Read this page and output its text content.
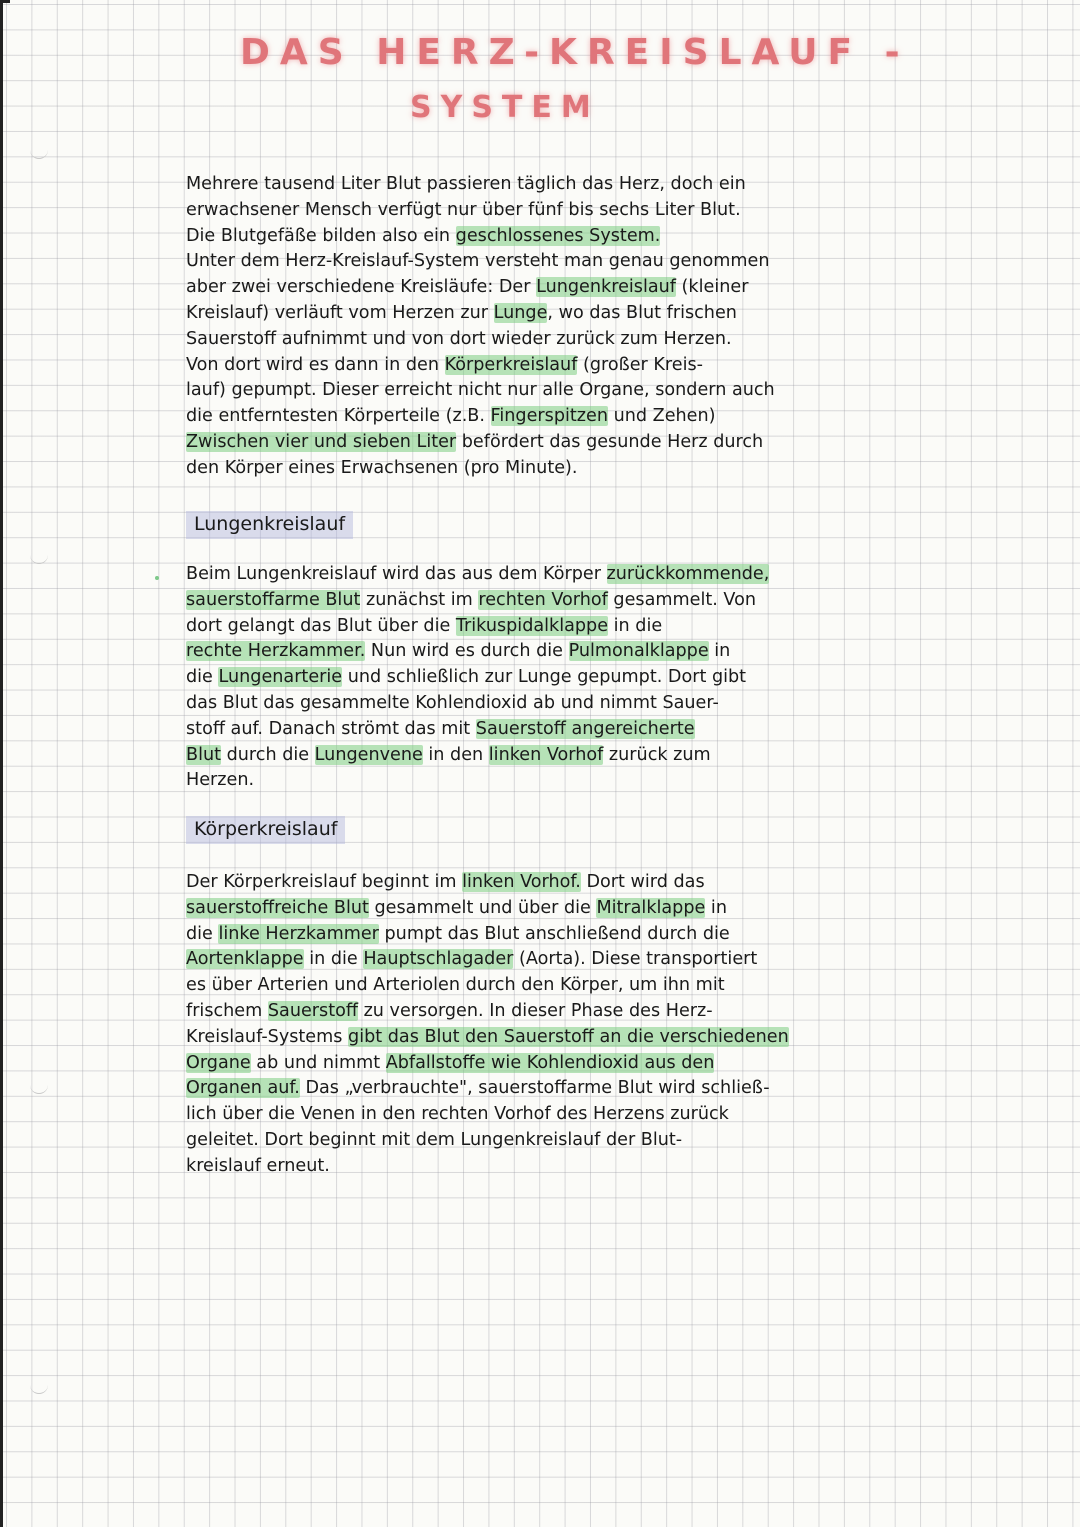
DAS HERZ-KREISLAUF -
SYSTEM
Mehrere tausend Liter Blut passieren täglich das Herz, doch ein
erwachsener Mensch verfügt nur über fünf bis sechs Liter Blut.
Die Blutgefäße bilden also ein geschlossenes System.
Unter dem Herz-Kreislauf-System versteht man genau genommen
aber zwei verschiedene Kreisläufe: Der Lungenkreislauf (kleiner
Kreislauf) verläuft vom Herzen zur Lunge, wo das Blut frischen
Sauerstoff aufnimmt und von dort wieder zurück zum Herzen.
Von dort wird es dann in den Körperkreislauf (großer Kreis-
lauf) gepumpt. Dieser erreicht nicht nur alle Organe, sondern auch
die entferntesten Körperteile (z.B. Fingerspitzen und Zehen)
Zwischen vier und sieben Liter befördert das gesunde Herz durch
den Körper eines Erwachsenen (pro Minute).
Lungenkreislauf
Beim Lungenkreislauf wird das aus dem Körper zurückkommende,
sauerstoffarme Blut zunächst im rechten Vorhof gesammelt. Von
dort gelangt das Blut über die Trikuspidalklappe in die
rechte Herzkammer. Nun wird es durch die Pulmonalklappe in
die Lungenarterie und schließlich zur Lunge gepumpt. Dort gibt
das Blut das gesammelte Kohlendioxid ab und nimmt Sauer-
stoff auf. Danach strömt das mit Sauerstoff angereicherte
Blut durch die Lungenvene in den linken Vorhof zurück zum
Herzen.
Körperkreislauf
Der Körperkreislauf beginnt im linken Vorhof. Dort wird das
sauerstoffreiche Blut gesammelt und über die Mitralklappe in
die linke Herzkammer pumpt das Blut anschließend durch die
Aortenklappe in die Hauptschlagader (Aorta). Diese transportiert
es über Arterien und Arteriolen durch den Körper, um ihn mit
frischem Sauerstoff zu versorgen. In dieser Phase des Herz-
Kreislauf-Systems gibt das Blut den Sauerstoff an die verschiedenen
Organe ab und nimmt Abfallstoffe wie Kohlendioxid aus den
Organen auf. Das „verbrauchte", sauerstoffarme Blut wird schließ-
lich über die Venen in den rechten Vorhof des Herzens zurück
geleitet. Dort beginnt mit dem Lungenkreislauf der Blut-
kreislauf erneut.
